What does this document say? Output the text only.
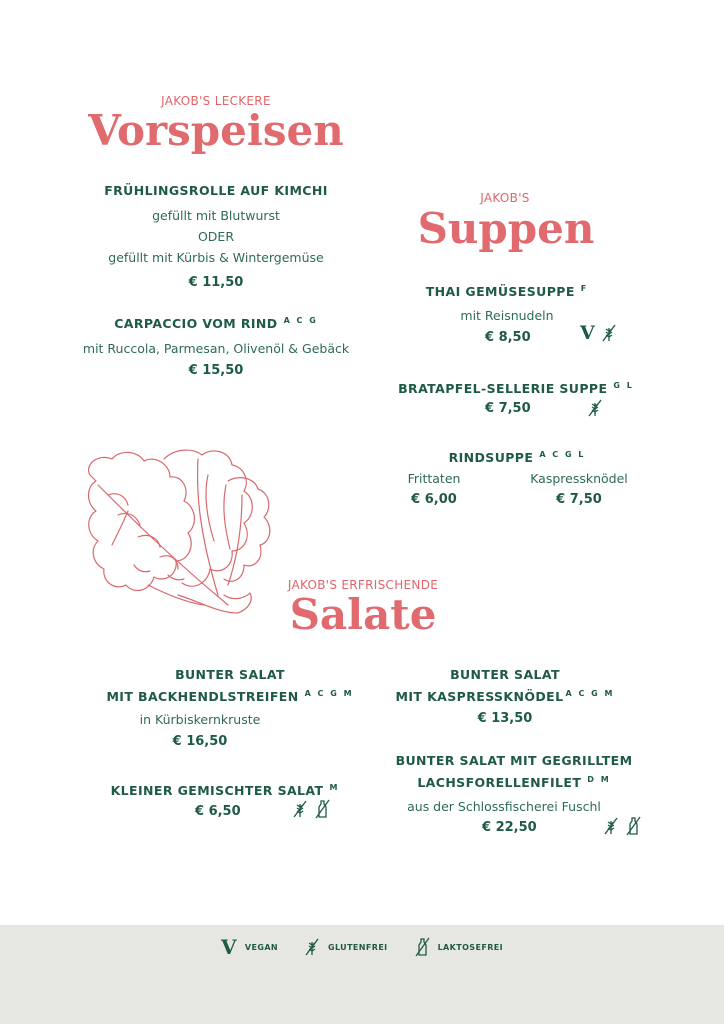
JAKOB'S LECKERE
Vorspeisen
FRÜHLINGSROLLE AUF KIMCHI
gefüllt mit Blutwurst
ODER
gefüllt mit Kürbis & Wintergemüse
€ 11,50
CARPACCIO VOM RIND $^{A C G}$
mit Ruccola, Parmesan, Olivenöl & Gebäck
€ 15,50
JAKOB'S
Suppen
THAI GEMÜSESUPPE $^F$
mit Reisnudeln
€ 8,50	V
BRATAPFEL-SELLERIE SUPPE $^{G L}$
€ 7,50
RINDSUPPE $^{A C G L}$
Frittaten
€ 6,00
Kaspressknödel
€ 7,50
JAKOB'S ERFRISCHENDE
Salate
BUNTER SALAT
MIT BACKHENDLSTREIFEN $^{A C G M}$
in Kürbiskernkruste
€ 16,50
KLEINER GEMISCHTER SALAT $^M$
€ 6,50
BUNTER SALAT
MIT KASPRESSKNÖDEL $^{A C G M}$
€ 13,50
BUNTER SALAT MIT GEGRILLTEM
LACHSFORELLENFILET $^{D M}$
aus der Schlossfischerei Fuschl
€ 22,50
V VEGAN	GLUTENFREI	LAKTOSEFREI
